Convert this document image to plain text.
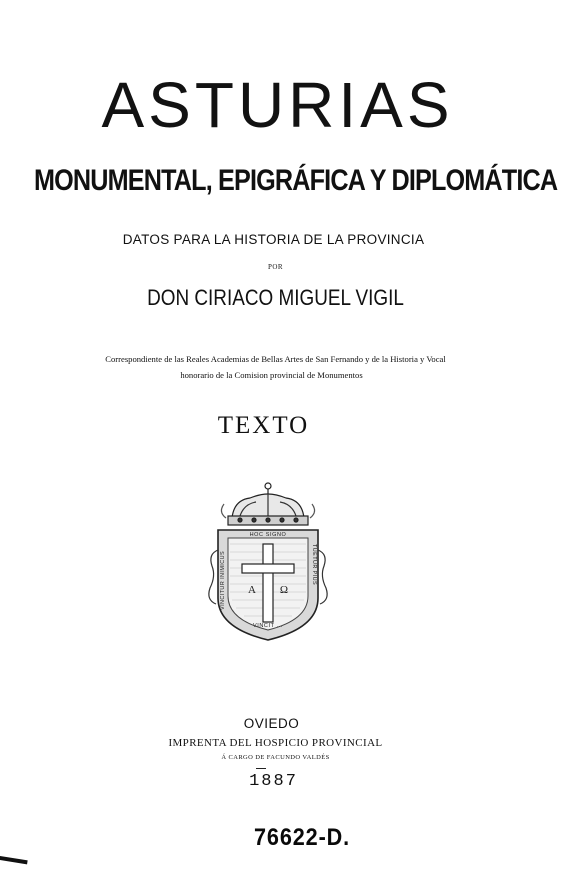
ASTURIAS
MONUMENTAL, EPIGRÁFICA Y DIPLOMÁTICA
DATOS PARA LA HISTORIA DE LA PROVINCIA
POR
DON CIRIACO MIGUEL VIGIL
Correspondiente de las Reales Academias de Bellas Artes de San Fernando y de la Historia y Vocal
honorario de la Comision provincial de Monumentos
TEXTO
A Ω
HOC SIGNO
VINCIT ...
VINCITUR INIMICUS	TUETUR PIUS
OVIEDO
IMPRENTA DEL HOSPICIO PROVINCIAL
Á CARGO DE FACUNDO VALDÉS
1887
76622-D.
